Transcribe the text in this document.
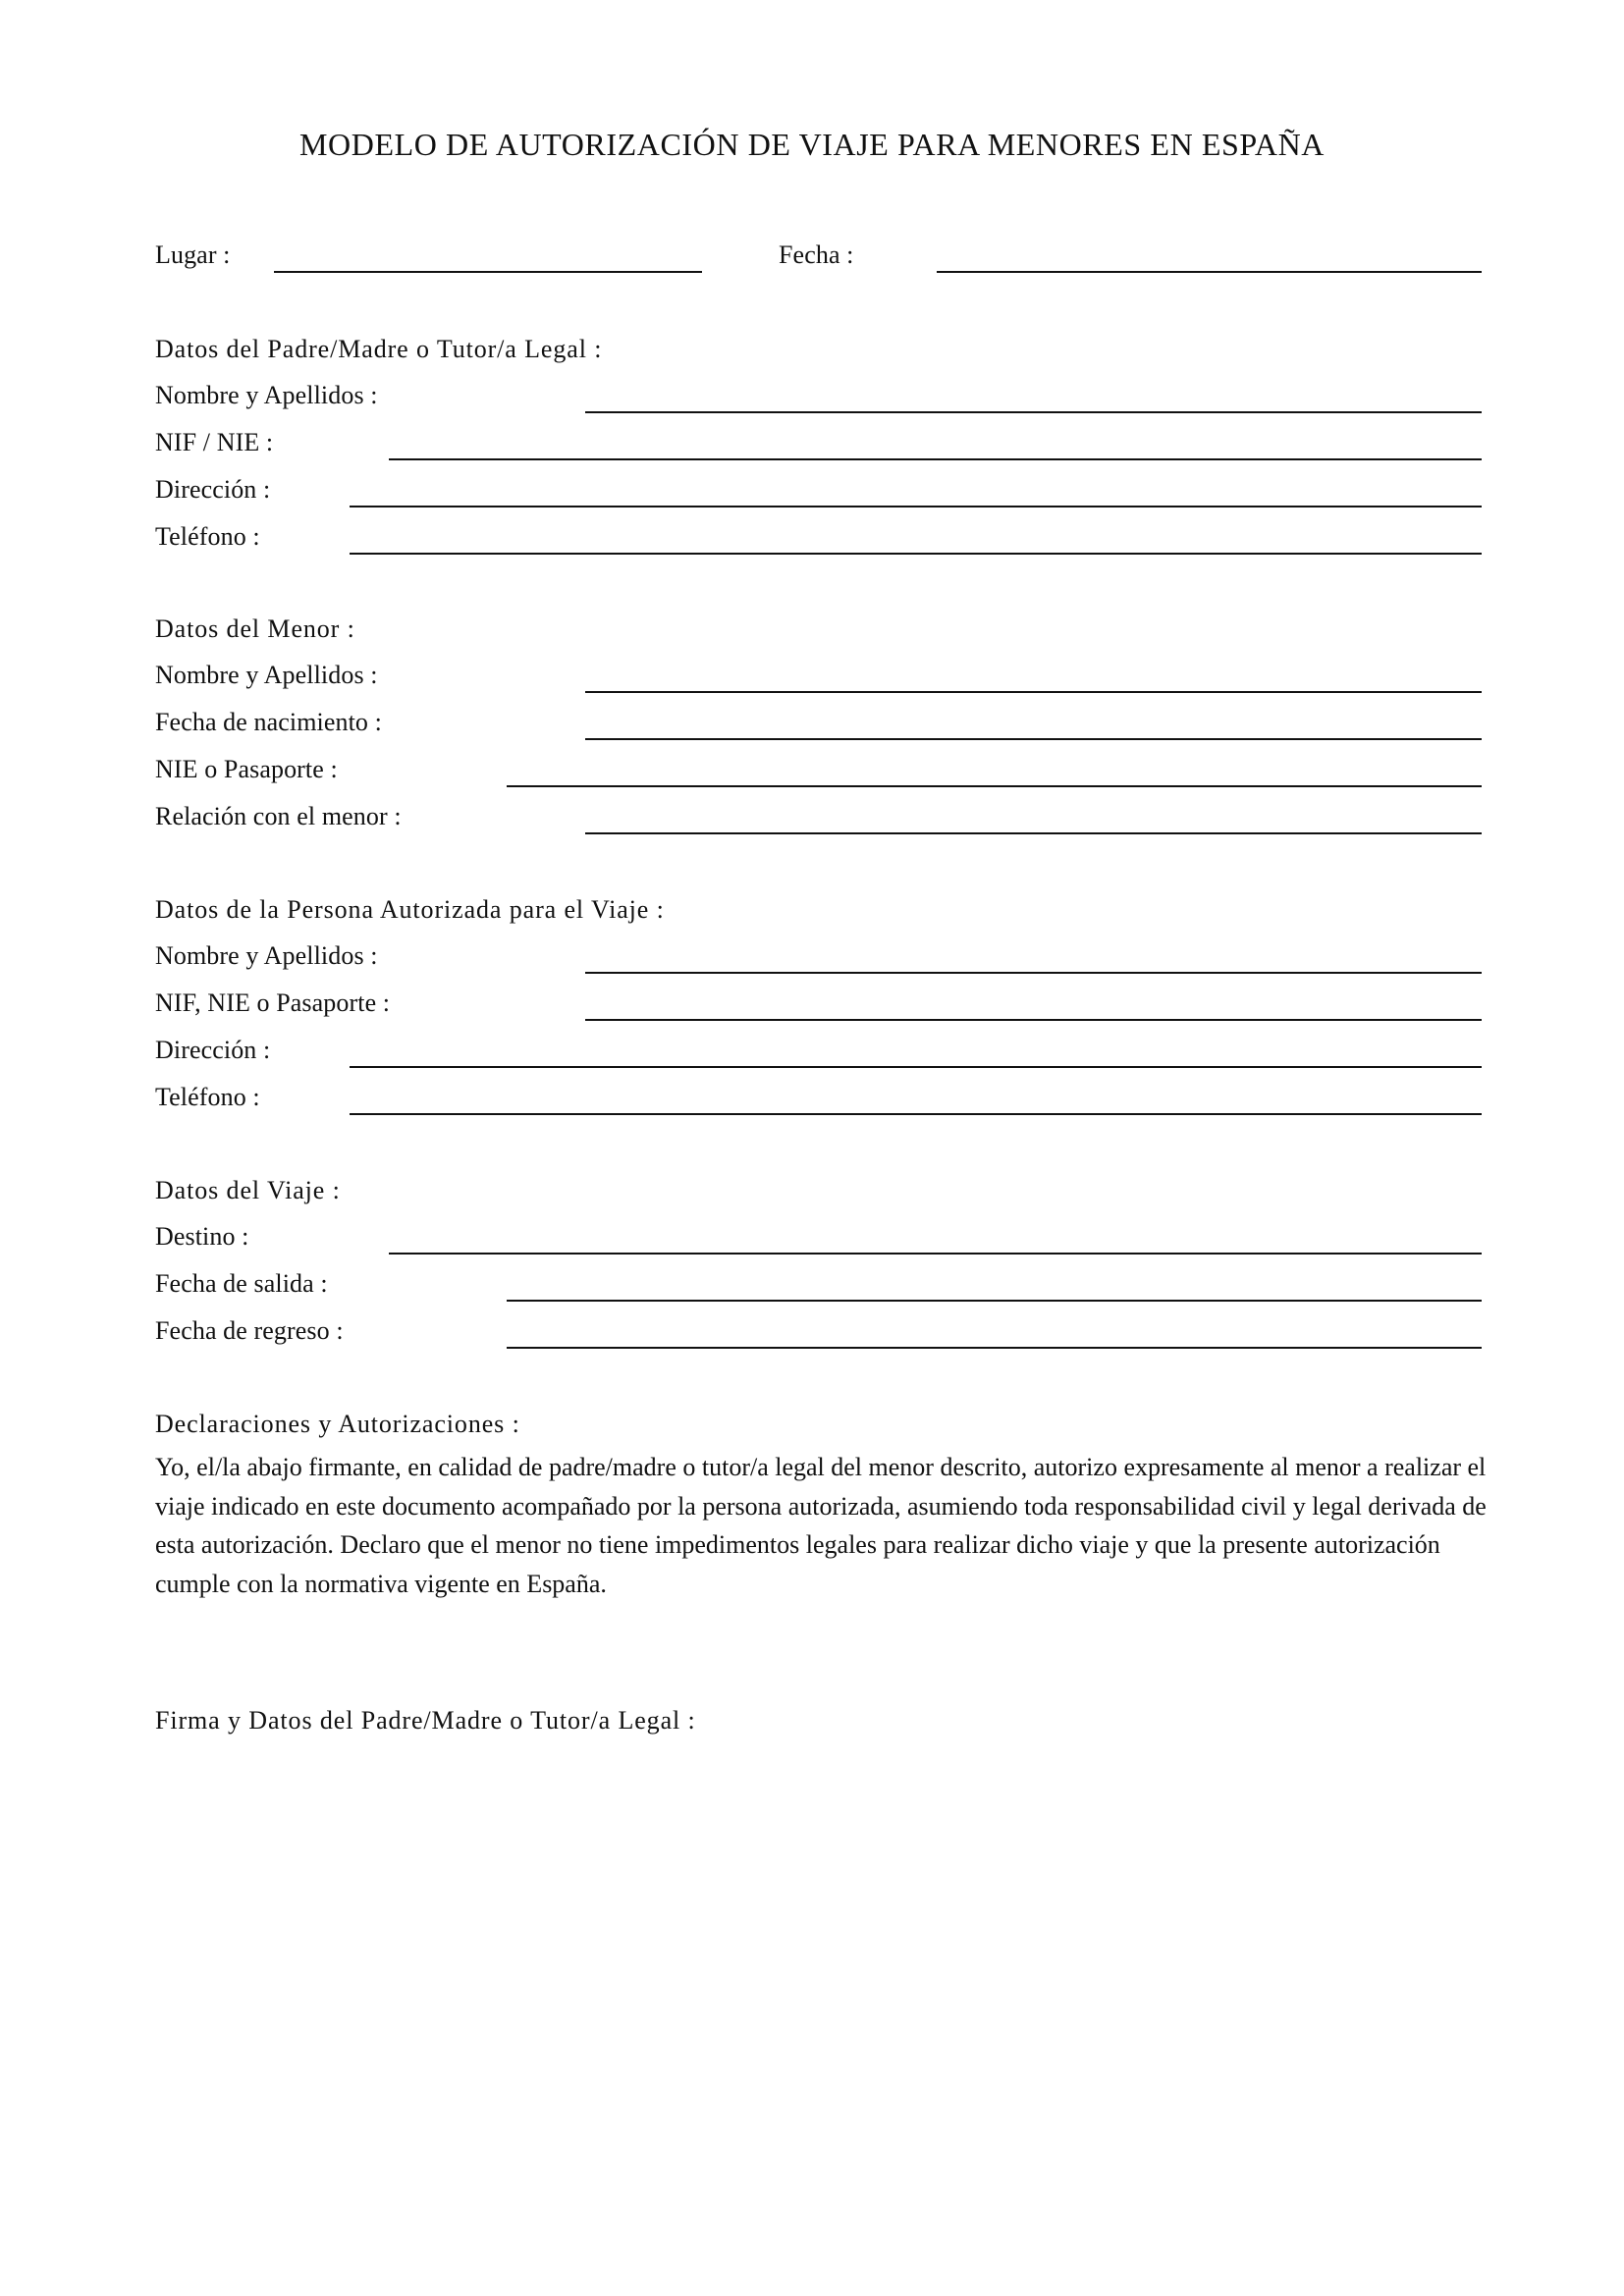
MODELO DE AUTORIZACIÓN DE VIAJE PARA MENORES EN ESPAÑA
Lugar :	Fecha :
Datos del Padre/Madre o Tutor/a Legal :
Nombre y Apellidos :
NIF / NIE :
Dirección :
Teléfono :
Datos del Menor :
Nombre y Apellidos :
Fecha de nacimiento :
NIE o Pasaporte :
Relación con el menor :
Datos de la Persona Autorizada para el Viaje :
Nombre y Apellidos :
NIF, NIE o Pasaporte :
Dirección :
Teléfono :
Datos del Viaje :
Destino :
Fecha de salida :
Fecha de regreso :
Declaraciones y Autorizaciones :
Yo, el/la abajo firmante, en calidad de padre/madre o tutor/a legal del menor descrito, autorizo expresamente al menor a realizar el viaje indicado en este documento acompañado por la persona autorizada, asumiendo toda responsabilidad civil y legal derivada de esta autorización. Declaro que el menor no tiene impedimentos legales para realizar dicho viaje y que la presente autorización cumple con la normativa vigente en España.
Firma y Datos del Padre/Madre o Tutor/a Legal :
